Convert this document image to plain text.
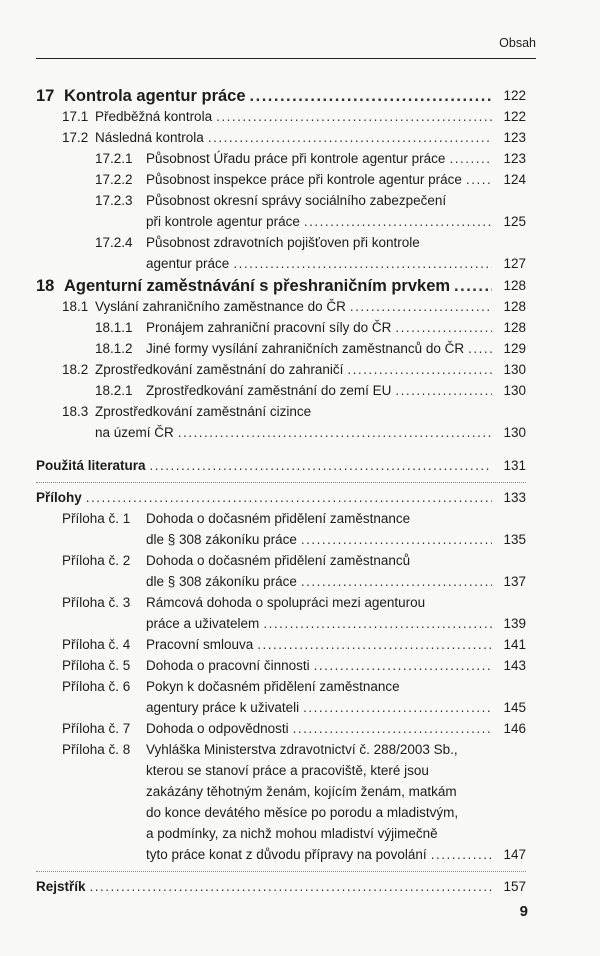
Obsah
17 Kontrola agentur práce .....	122
17.1 Předběžná kontrola .....	122
17.2 Následná kontrola .....	123
17.2.1 Působnost Úřadu práce při kontrole agentur práce .....	123
17.2.2 Působnost inspekce práce při kontrole agentur práce .....	124
17.2.3 Působnost okresní správy sociálního zabezpečení
při kontrole agentur práce .....	125
17.2.4 Působnost zdravotních pojišťoven při kontrole
agentur práce .....	127
18 Agenturní zaměstnávání s přeshraničním prvkem .....	128
18.1 Vyslání zahraničního zaměstnance do ČR .....	128
18.1.1 Pronájem zahraniční pracovní síly do ČR .....	128
18.1.2 Jiné formy vysílání zahraničních zaměstnanců do ČR .....	129
18.2 Zprostředkování zaměstnání do zahraničí .....	130
18.2.1 Zprostředkování zaměstnání do zemí EU .....	130
18.3 Zprostředkování zaměstnání cizince
na území ČR .....	130
Použitá literatura .....	131
Přílohy .....	133
Příloha č. 1 Dohoda o dočasném přidělení zaměstnance
dle § 308 zákoníku práce .....	135
Příloha č. 2 Dohoda o dočasném přidělení zaměstnanců
dle § 308 zákoníku práce .....	137
Příloha č. 3 Rámcová dohoda o spolupráci mezi agenturou
práce a uživatelem .....	139
Příloha č. 4 Pracovní smlouva .....	141
Příloha č. 5 Dohoda o pracovní činnosti .....	143
Příloha č. 6 Pokyn k dočasném přidělení zaměstnance
agentury práce k uživateli .....	145
Příloha č. 7 Dohoda o odpovědnosti .....	146
Příloha č. 8 Vyhláška Ministerstva zdravotnictví č. 288/2003 Sb.,
kterou se stanoví práce a pracoviště, které jsou
zakázány těhotným ženám, kojícím ženám, matkám
do konce devátého měsíce po porodu a mladistvým,
a podmínky, za nichž mohou mladiství výjimečně
tyto práce konat z důvodu přípravy na povolání .....	147
Rejstřík .....	157
9
